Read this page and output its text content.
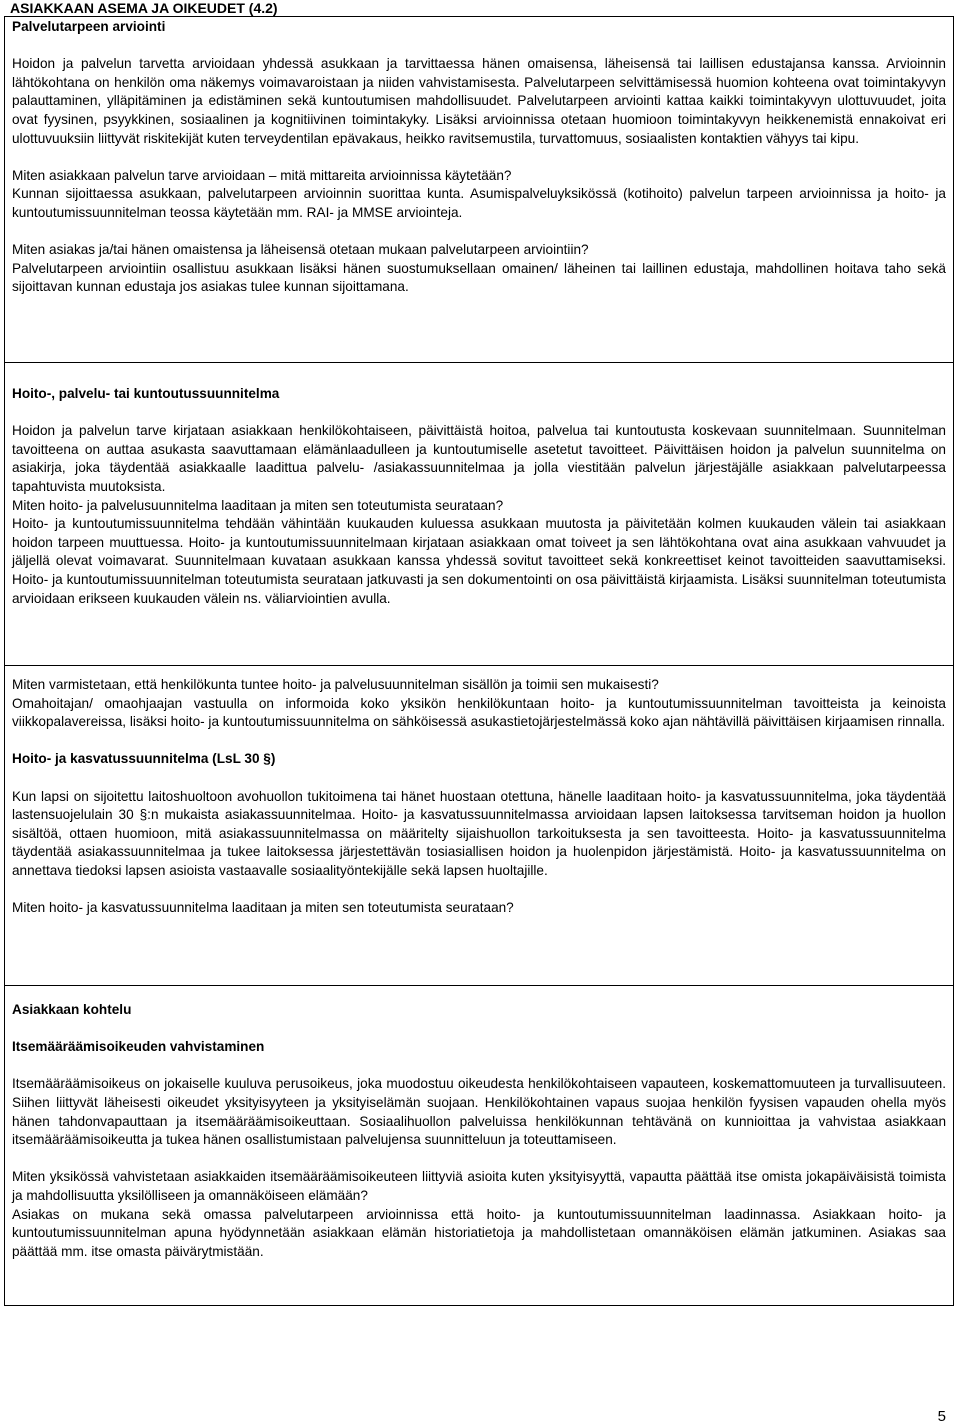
ASIAKKAAN ASEMA JA OIKEUDET (4.2)

Palvelutarpeen arviointi

Hoidon ja palvelun tarvetta arvioidaan yhdessä asukkaan ja tarvittaessa hänen omaisensa, läheisensä tai laillisen edustajansa kanssa. Arvioinnin lähtökohtana on henkilön oma näkemys voimavaroistaan ja niiden vahvistamisesta. Palvelutarpeen selvittämisessä huomion kohteena ovat toimintakyvyn palauttaminen, ylläpitäminen ja edistäminen sekä kuntoutumisen mahdollisuudet. Palvelutarpeen arviointi kattaa kaikki toimintakyvyn ulottuvuudet, joita ovat fyysinen, psyykkinen, sosiaalinen ja kognitiivinen toimintakyky. Lisäksi arvioinnissa otetaan huomioon toimintakyvyn heikkenemistä ennakoivat eri ulottuvuuksiin liittyvät riskitekijät kuten terveydentilan epävakaus, heikko ravitsemustila, turvattomuus, sosiaalisten kontaktien vähyys tai kipu.

Miten asiakkaan palvelun tarve arvioidaan – mitä mittareita arvioinnissa käytetään?

Kunnan sijoittaessa asukkaan, palvelutarpeen arvioinnin suorittaa kunta. Asumispalveluyksikössä (kotihoito) palvelun tarpeen arvioinnissa ja hoito- ja kuntoutumissuunnitelman teossa käytetään mm. RAI- ja MMSE arviointeja.

Miten asiakas ja/tai hänen omaistensa ja läheisensä otetaan mukaan palvelutarpeen arviointiin?

Palvelutarpeen arviointiin osallistuu asukkaan lisäksi hänen suostumuksellaan omainen/ läheinen tai laillinen edustaja, mahdollinen hoitava taho sekä sijoittavan kunnan edustaja jos asiakas tulee kunnan sijoittamana.

Hoito-, palvelu- tai kuntoutussuunnitelma

Hoidon ja palvelun tarve kirjataan asiakkaan henkilökohtaiseen, päivittäistä hoitoa, palvelua tai kuntoutusta koskevaan suunnitelmaan. Suunnitelman tavoitteena on auttaa asukasta saavuttamaan elämänlaadulleen ja kuntoutumiselle asetetut tavoitteet. Päivittäisen hoidon ja palvelun suunnitelma on asiakirja, joka täydentää asiakkaalle laadittua palvelu- /asiakassuunnitelmaa ja jolla viestitään palvelun järjestäjälle asiakkaan palvelutarpeessa tapahtuvista muutoksista.

Miten hoito- ja palvelusuunnitelma laaditaan ja miten sen toteutumista seurataan?

Hoito- ja kuntoutumissuunnitelma tehdään vähintään kuukauden kuluessa asukkaan muutosta ja päivitetään kolmen kuukauden välein tai asiakkaan hoidon tarpeen muuttuessa. Hoito- ja kuntoutumissuunnitelmaan kirjataan asiakkaan omat toiveet ja sen lähtökohtana ovat aina asukkaan vahvuudet ja jäljellä olevat voimavarat. Suunnitelmaan kuvataan asukkaan kanssa yhdessä sovitut tavoitteet sekä konkreettiset keinot tavoitteiden saavuttamiseksi. Hoito- ja kuntoutumissuunnitelman toteutumista seurataan jatkuvasti ja sen dokumentointi on osa päivittäistä kirjaamista. Lisäksi suunnitelman toteutumista arvioidaan erikseen kuukauden välein ns. väliarviointien avulla.

Miten varmistetaan, että henkilökunta tuntee hoito- ja palvelusuunnitelman sisällön ja toimii sen mukaisesti?

Omahoitajan/ omaohjaajan vastuulla on informoida koko yksikön henkilökuntaan hoito- ja kuntoutumissuunnitelman tavoitteista ja keinoista viikkopalavereissa, lisäksi hoito- ja kuntoutumissuunnitelma on sähköisessä asukastietojärjestelmässä koko ajan nähtävillä päivittäisen kirjaamisen rinnalla.

Hoito- ja kasvatussuunnitelma (LsL 30 §)

Kun lapsi on sijoitettu laitoshuoltoon avohuollon tukitoimena tai hänet huostaan otettuna, hänelle laaditaan hoito- ja kasvatussuunnitelma, joka täydentää lastensuojelulain 30 §:n mukaista asiakassuunnitelmaa. Hoito- ja kasvatussuunnitelmassa arvioidaan lapsen laitoksessa tarvitseman hoidon ja huollon sisältöä, ottaen huomioon, mitä asiakassuunnitelmassa on määritelty sijaishuollon tarkoituksesta ja sen tavoitteesta. Hoito- ja kasvatussuunnitelma täydentää asiakassuunnitelmaa ja tukee laitoksessa järjestettävän tosiasiallisen hoidon ja huolenpidon järjestämistä. Hoito- ja kasvatussuunnitelma on annettava tiedoksi lapsen asioista vastaavalle sosiaalityöntekijälle sekä lapsen huoltajille.

Miten hoito- ja kasvatussuunnitelma laaditaan ja miten sen toteutumista seurataan?

Asiakkaan kohtelu

Itsemääräämisoikeuden vahvistaminen

Itsemääräämisoikeus on jokaiselle kuuluva perusoikeus, joka muodostuu oikeudesta henkilökohtaiseen vapauteen, koskemattomuuteen ja turvallisuuteen. Siihen liittyvät läheisesti oikeudet yksityisyyteen ja yksityiselämän suojaan. Henkilökohtainen vapaus suojaa henkilön fyysisen vapauden ohella myös hänen tahdonvapauttaan ja itsemääräämisoikeuttaan. Sosiaalihuollon palveluissa henkilökunnan tehtävänä on kunnioittaa ja vahvistaa asiakkaan itsemääräämisoikeutta ja tukea hänen osallistumistaan palvelujensa suunnitteluun ja toteuttamiseen.

Miten yksikössä vahvistetaan asiakkaiden itsemääräämisoikeuteen liittyviä asioita kuten yksityisyyttä, vapautta päättää itse omista jokapäiväisistä toimista ja mahdollisuutta yksilölliseen ja omannäköiseen elämään?

Asiakas on mukana sekä omassa palvelutarpeen arvioinnissa että hoito- ja kuntoutumissuunnitelman laadinnassa. Asiakkaan hoito- ja kuntoutumissuunnitelman apuna hyödynnetään asiakkaan elämän historiatietoja ja mahdollistetaan omannäköisen elämän jatkuminen. Asiakas saa päättää mm. itse omasta päivärytmistään.

5
